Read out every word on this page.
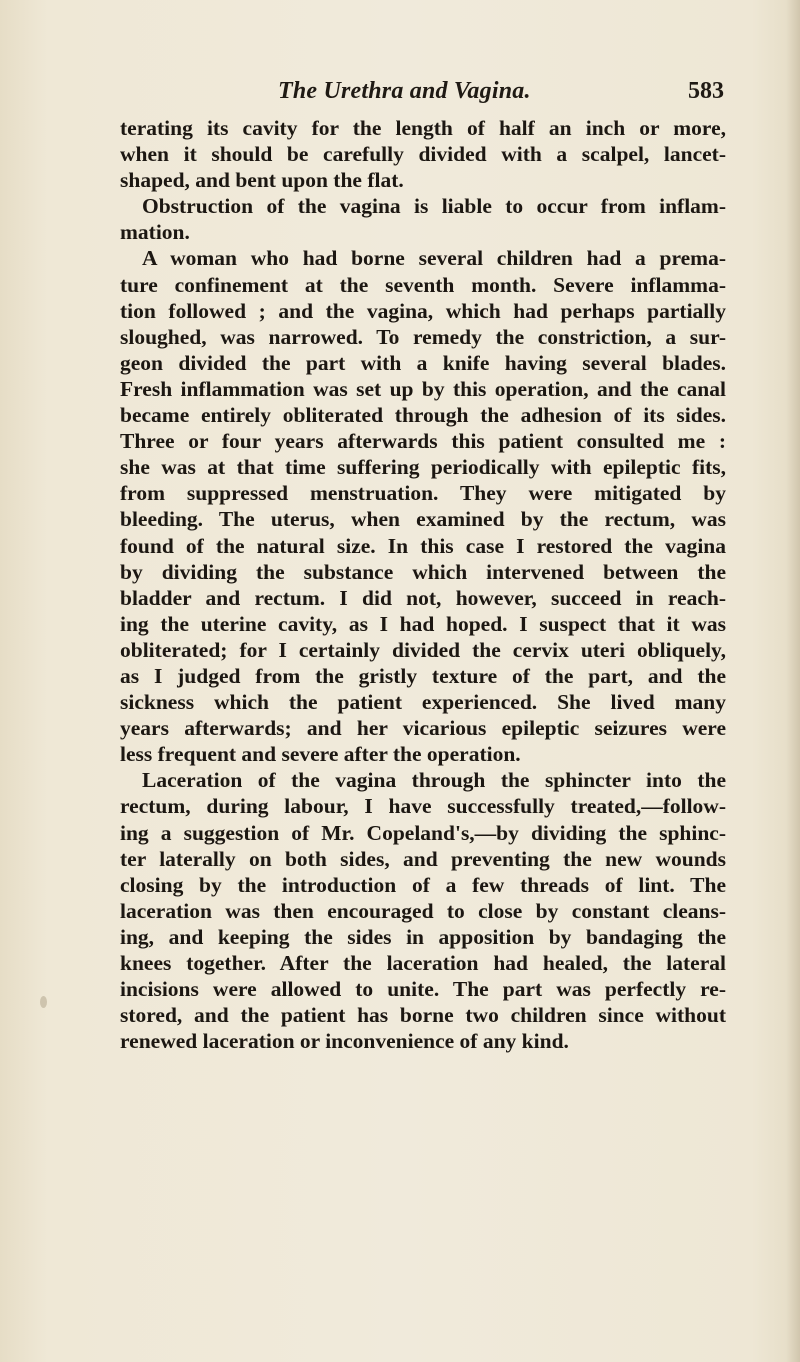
The Urethra and Vagina.	583
terating its cavity for the length of half an inch or more,
when it should be carefully divided with a scalpel, lancet-
shaped, and bent upon the flat.
Obstruction of the vagina is liable to occur from inflam-
mation.
A woman who had borne several children had a prema-
ture confinement at the seventh month. Severe inflamma-
tion followed ; and the vagina, which had perhaps partially
sloughed, was narrowed. To remedy the constriction, a sur-
geon divided the part with a knife having several blades.
Fresh inflammation was set up by this operation, and the canal
became entirely obliterated through the adhesion of its sides.
Three or four years afterwards this patient consulted me :
she was at that time suffering periodically with epileptic fits,
from suppressed menstruation. They were mitigated by
bleeding. The uterus, when examined by the rectum, was
found of the natural size. In this case I restored the vagina
by dividing the substance which intervened between the
bladder and rectum. I did not, however, succeed in reach-
ing the uterine cavity, as I had hoped. I suspect that it was
obliterated; for I certainly divided the cervix uteri obliquely,
as I judged from the gristly texture of the part, and the
sickness which the patient experienced. She lived many
years afterwards; and her vicarious epileptic seizures were
less frequent and severe after the operation.
Laceration of the vagina through the sphincter into the
rectum, during labour, I have successfully treated,—follow-
ing a suggestion of Mr. Copeland's,—by dividing the sphinc-
ter laterally on both sides, and preventing the new wounds
closing by the introduction of a few threads of lint. The
laceration was then encouraged to close by constant cleans-
ing, and keeping the sides in apposition by bandaging the
knees together. After the laceration had healed, the lateral
incisions were allowed to unite. The part was perfectly re-
stored, and the patient has borne two children since without
renewed laceration or inconvenience of any kind.
